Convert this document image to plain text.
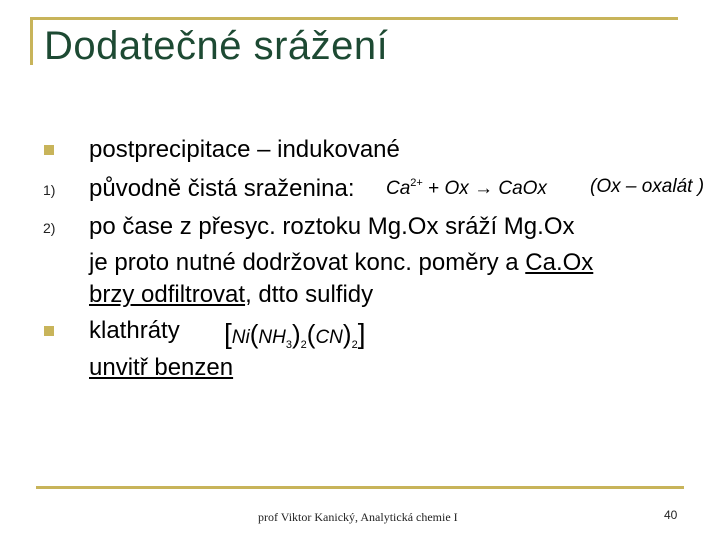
Dodatečné srážení
postprecipitace – indukované
1) původně čistá sraženina: $Ca^{2+} + Ox$ → CaOx (Ox – oxalát )
2) po čase z přesyc. roztoku Mg.Ox sráží Mg.Ox
je proto nutné dodržovat konc. poměry a Ca.Ox
brzy odfiltrovat, dtto sulfidy
klathráty $[Ni(NH_3)_2(CN)_2]$
unvitř benzen
prof Viktor Kanický, Analytická chemie I	40
